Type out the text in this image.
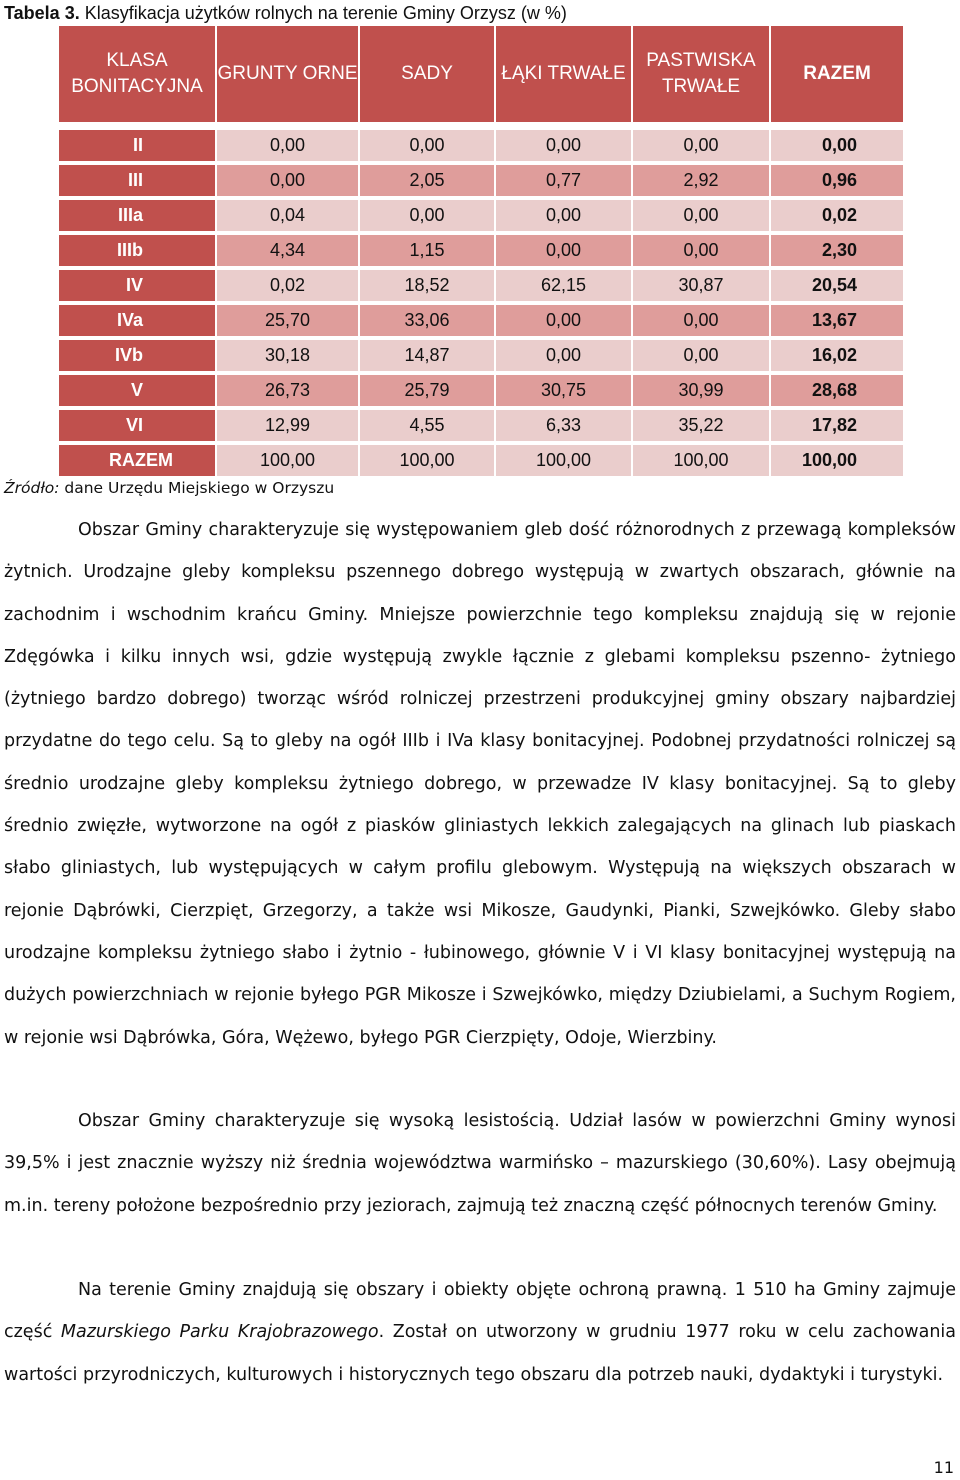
Tabela 3. Klasyfikacja użytków rolnych na terenie Gminy Orzysz (w %)
KLASA BONITACYJNA	GRUNTY ORNE	SADY	ŁĄKI TRWAŁE	PASTWISKA TRWAŁE	RAZEM

II	0,00	0,00	0,00	0,00	0,00
III	0,00	2,05	0,77	2,92	0,96
IIIa	0,04	0,00	0,00	0,00	0,02
IIIb	4,34	1,15	0,00	0,00	2,30
IV	0,02	18,52	62,15	30,87	20,54
IVa	25,70	33,06	0,00	0,00	13,67
IVb	30,18	14,87	0,00	0,00	16,02
V	26,73	25,79	30,75	30,99	28,68
VI	12,99	4,55	6,33	35,22	17,82
RAZEM	100,00	100,00	100,00	100,00	100,00
Źródło: dane Urzędu Miejskiego w Orzyszu

Obszar Gminy charakteryzuje się występowaniem gleb dość różnorodnych z przewagą kompleksów żytnich. Urodzajne gleby kompleksu pszennego dobrego występują w zwartych obszarach, głównie na zachodnim i wschodnim krańcu Gminy. Mniejsze powierzchnie tego kompleksu znajdują się w rejonie Zdęgówka i kilku innych wsi, gdzie występują zwykle łącznie z glebami kompleksu pszenno- żytniego (żytniego bardzo dobrego) tworząc wśród rolniczej przestrzeni produkcyjnej gminy obszary najbardziej przydatne do tego celu. Są to gleby na ogół IIIb i IVa klasy bonitacyjnej. Podobnej przydatności rolniczej są średnio urodzajne gleby kompleksu żytniego dobrego, w przewadze IV klasy bonitacyjnej. Są to gleby średnio zwięzłe, wytworzone na ogół z piasków gliniastych lekkich zalegających na glinach lub piaskach słabo gliniastych, lub występujących w całym profilu glebowym. Występują na większych obszarach w rejonie Dąbrówki, Cierzpięt, Grzegorzy, a także wsi Mikosze, Gaudynki, Pianki, Szwejkówko. Gleby słabo urodzajne kompleksu żytniego słabo i żytnio - łubinowego, głównie V i VI klasy bonitacyjnej występują na dużych powierzchniach w rejonie byłego PGR Mikosze i Szwejkówko, między Dziubielami, a Suchym Rogiem, w rejonie wsi Dąbrówka, Góra, Wężewo, byłego PGR Cierzpięty, Odoje, Wierzbiny.

Obszar Gminy charakteryzuje się wysoką lesistością. Udział lasów w powierzchni Gminy wynosi 39,5% i jest znacznie wyższy niż średnia województwa warmińsko – mazurskiego (30,60%). Lasy obejmują m.in. tereny położone bezpośrednio przy jeziorach, zajmują też znaczną część północnych terenów Gminy.

Na terenie Gminy znajdują się obszary i obiekty objęte ochroną prawną. 1 510 ha Gminy zajmuje część Mazurskiego Parku Krajobrazowego. Został on utworzony w grudniu 1977 roku w celu zachowania wartości przyrodniczych, kulturowych i historycznych tego obszaru dla potrzeb nauki, dydaktyki i turystyki.

11
